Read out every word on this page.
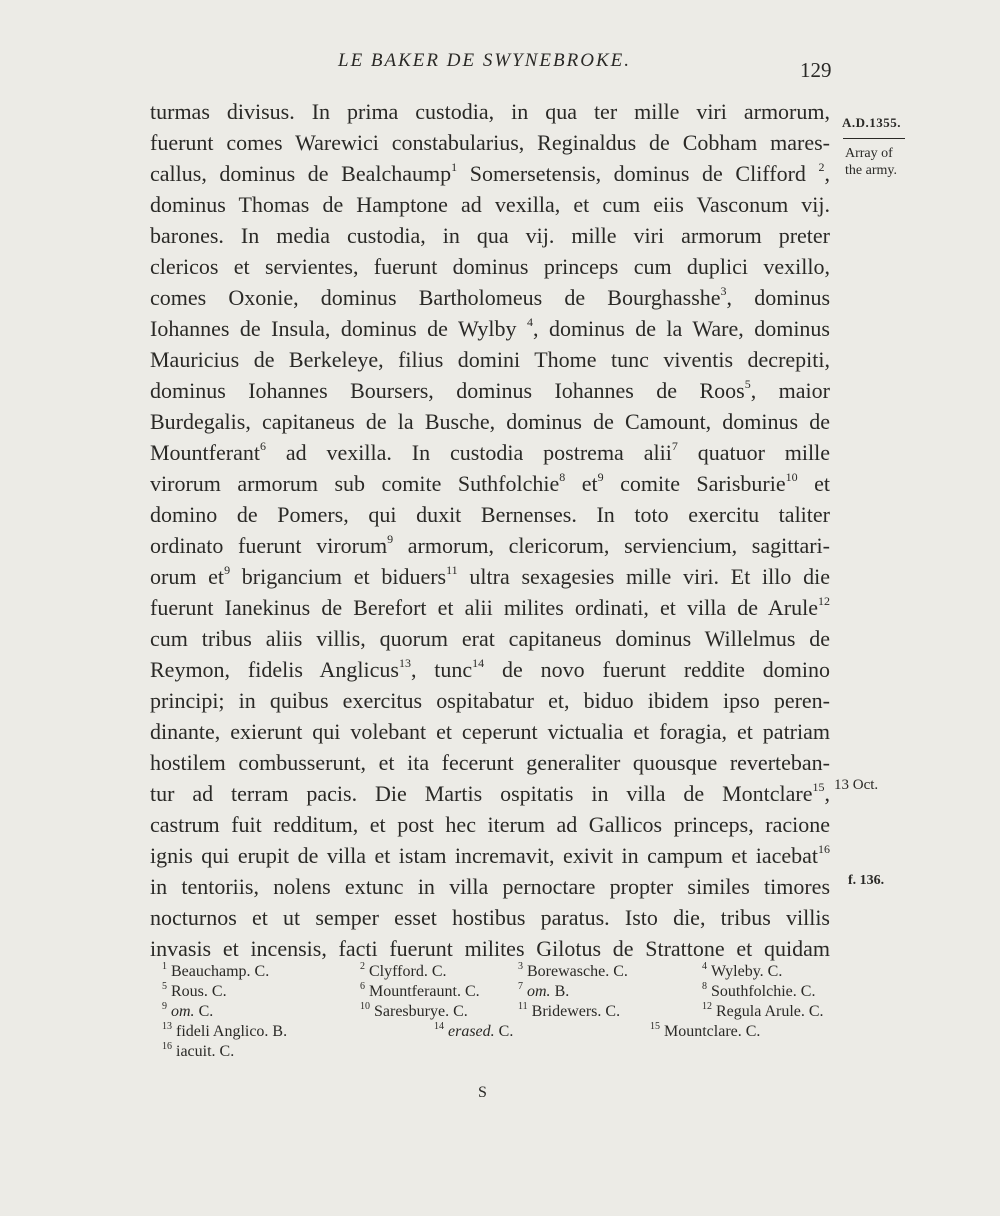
LE BAKER DE SWYNEBROKE.	129
turmas divisus. In prima custodia, in qua ter mille viri armorum,
fuerunt comes Warewici constabularius, Reginaldus de Cobham mares-
callus, dominus de Bealchaump$^1$ Somersetensis, dominus de Clifford $^2$,
dominus Thomas de Hamptone ad vexilla, et cum eiis Vasconum vij.
barones. In media custodia, in qua vij. mille viri armorum preter
clericos et servientes, fuerunt dominus princeps cum duplici vexillo,
comes Oxonie, dominus Bartholomeus de Bourghasshe$^3$, dominus
Iohannes de Insula, dominus de Wylby $^4$, dominus de la Ware, dominus
Mauricius de Berkeleye, filius domini Thome tunc viventis decrepiti,
dominus Iohannes Boursers, dominus Iohannes de Roos$^5$, maior
Burdegalis, capitaneus de la Busche, dominus de Camount, dominus de
Mountferant$^6$ ad vexilla. In custodia postrema alii$^7$ quatuor mille
virorum armorum sub comite Suthfolchie$^8$ $et^9$ comite Sarisburie$^{10}$ et
domino de Pomers, qui duxit Bernenses. In toto exercitu taliter
ordinato fuerunt virorum$^9$ armorum, clericorum, serviencium, sagittari-
orum $et^9$ brigancium et biduers$^{11}$ ultra sexagesies mille viri. Et illo die
fuerunt Ianekinus de Berefort et alii milites ordinati, et villa de Arule$^{12}$
cum tribus aliis villis, quorum erat capitaneus dominus Willelmus de
Reymon, fidelis Anglicus$^{13}$, tunc$^{14}$ de novo fuerunt reddite domino
principi; in quibus exercitus ospitabatur et, biduo ibidem ipso peren-
dinante, exierunt qui volebant et ceperunt victualia et foragia, et patriam
hostilem combusserunt, et ita fecerunt generaliter quousque reverteban-
tur ad terram pacis. Die Martis ospitatis in villa de Montclare$^{15}$,
castrum fuit redditum, et post hec iterum ad Gallicos princeps, racione
ignis qui erupit de villa et istam incremavit, exivit in campum et iacebat$^{16}$
in tentoriis, nolens extunc in villa pernoctare propter similes timores
nocturnos et ut semper esset hostibus paratus. Isto die, tribus villis
invasis et incensis, facti fuerunt milites Gilotus de Strattone et quidam
A.D.1355.
Array of
the army.
13 Oct.
f. 136.
$^1$ Beauchamp. C.	$^2$ Clyfford. C.	$^3$ Borewasche. C.	$^4$ Wyleby. C.
$^5$ Rous. C.	$^6$ Mountferaunt. C.	$^7$ om. B.	$^8$ Southfolchie. C.
$^9$ om. C.	$^{10}$ Saresburye. C.	$^{11}$ Bridewers. C.	$^{12}$ Regula Arule. C.
$^{13}$ fideli Anglico. B.	$^{14}$ erased. C.	$^{15}$ Mountclare. C.
$^{16}$ iacuit. C.
S
